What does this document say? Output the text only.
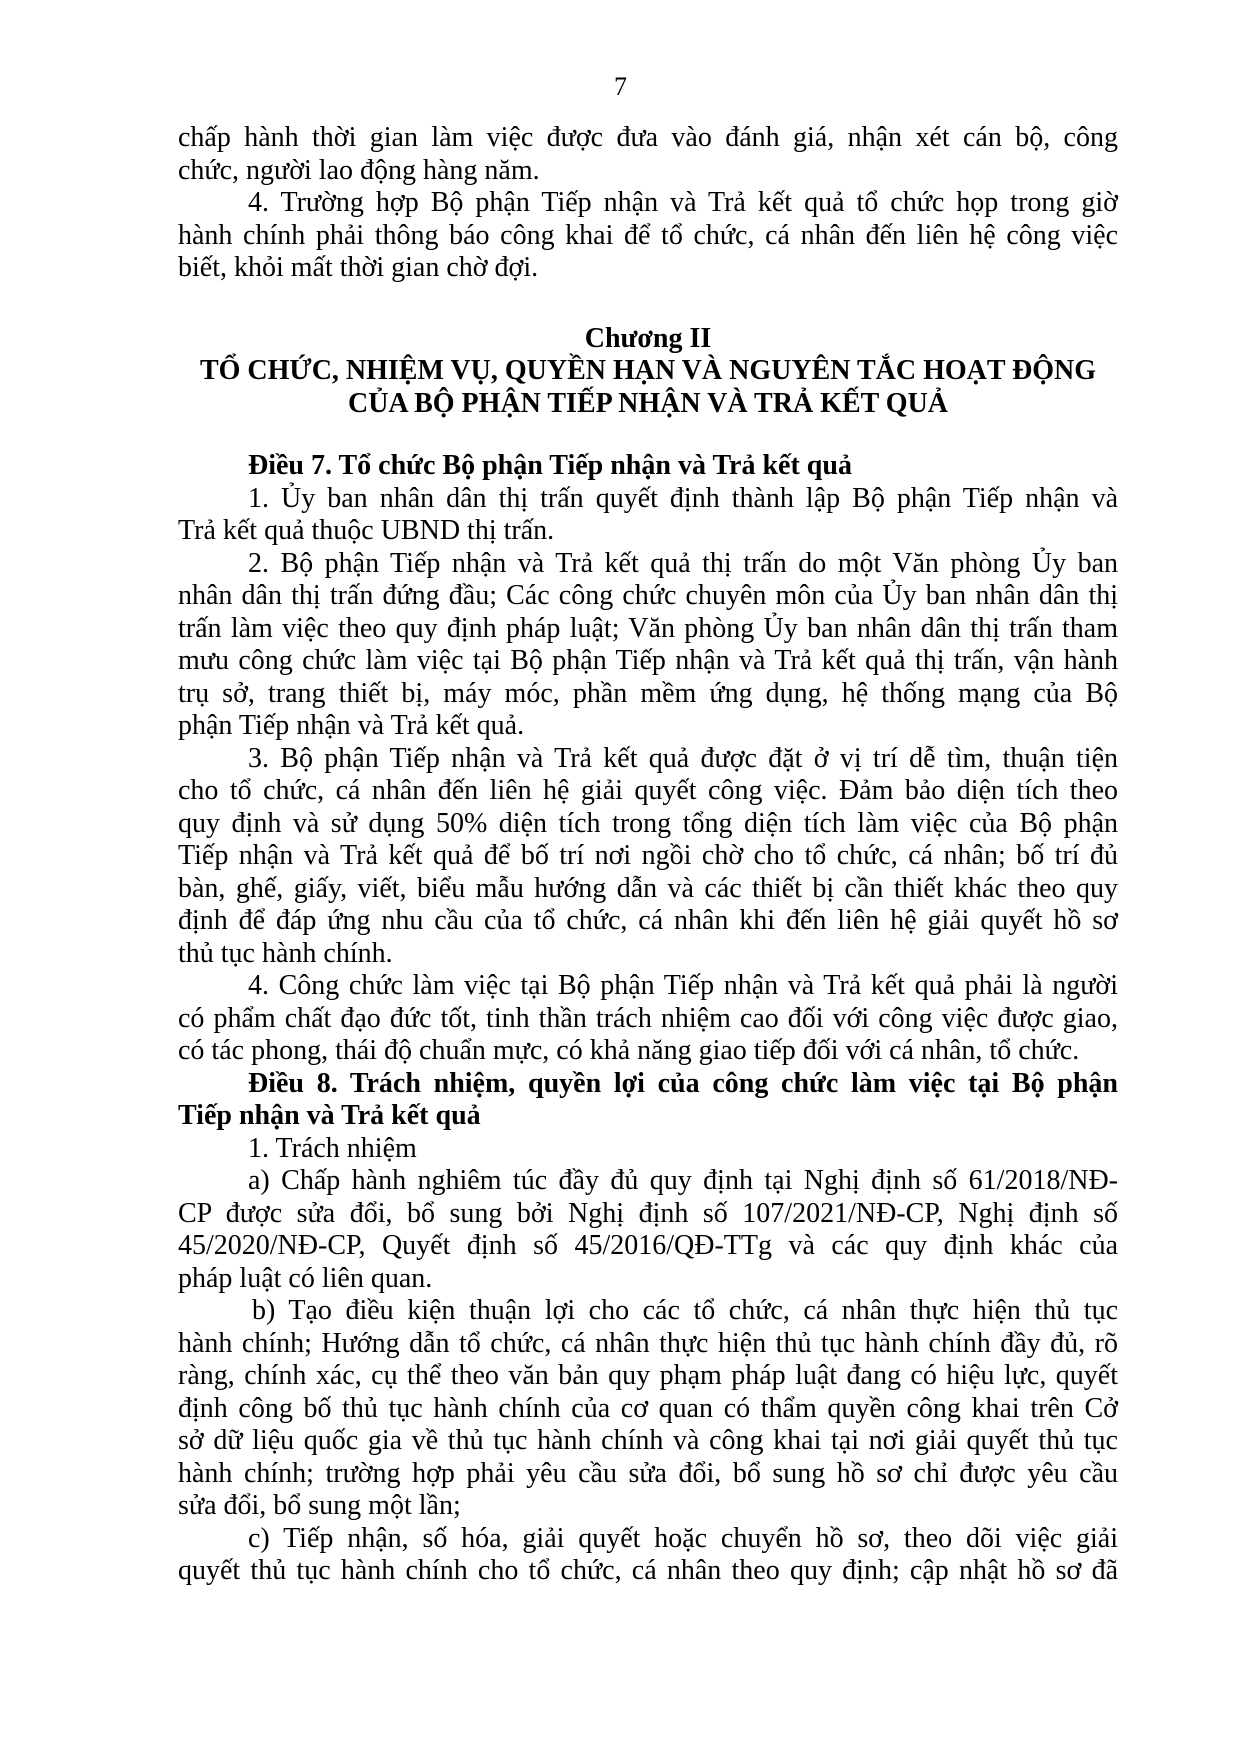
7

chấp hành thời gian làm việc được đưa vào đánh giá, nhận xét cán bộ, công
chức, người lao động hàng năm.

4. Trường hợp Bộ phận Tiếp nhận và Trả kết quả tổ chức họp trong giờ
hành chính phải thông báo công khai để tổ chức, cá nhân đến liên hệ công việc
biết, khỏi mất thời gian chờ đợi.

Chương II
TỔ CHỨC, NHIỆM VỤ, QUYỀN HẠN VÀ NGUYÊN TẮC HOẠT ĐỘNG
CỦA BỘ PHẬN TIẾP NHẬN VÀ TRẢ KẾT QUẢ

Điều 7. Tổ chức Bộ phận Tiếp nhận và Trả kết quả

1. Ủy ban nhân dân thị trấn quyết định thành lập Bộ phận Tiếp nhận và
Trả kết quả thuộc UBND thị trấn.

2. Bộ phận Tiếp nhận và Trả kết quả thị trấn do một Văn phòng Ủy ban
nhân dân thị trấn đứng đầu; Các công chức chuyên môn của Ủy ban nhân dân thị
trấn làm việc theo quy định pháp luật; Văn phòng Ủy ban nhân dân thị trấn tham
mưu công chức làm việc tại Bộ phận Tiếp nhận và Trả kết quả thị trấn, vận hành
trụ sở, trang thiết bị, máy móc, phần mềm ứng dụng, hệ thống mạng của Bộ
phận Tiếp nhận và Trả kết quả.

3. Bộ phận Tiếp nhận và Trả kết quả được đặt ở vị trí dễ tìm, thuận tiện
cho tổ chức, cá nhân đến liên hệ giải quyết công việc. Đảm bảo diện tích theo
quy định và sử dụng 50% diện tích trong tổng diện tích làm việc của Bộ phận
Tiếp nhận và Trả kết quả để bố trí nơi ngồi chờ cho tổ chức, cá nhân; bố trí đủ
bàn, ghế, giấy, viết, biểu mẫu hướng dẫn và các thiết bị cần thiết khác theo quy
định để đáp ứng nhu cầu của tổ chức, cá nhân khi đến liên hệ giải quyết hồ sơ
thủ tục hành chính.

4. Công chức làm việc tại Bộ phận Tiếp nhận và Trả kết quả phải là người
có phẩm chất đạo đức tốt, tinh thần trách nhiệm cao đối với công việc được giao,
có tác phong, thái độ chuẩn mực, có khả năng giao tiếp đối với cá nhân, tổ chức.

Điều 8. Trách nhiệm, quyền lợi của công chức làm việc tại Bộ phận
Tiếp nhận và Trả kết quả

1. Trách nhiệm

a) Chấp hành nghiêm túc đầy đủ quy định tại Nghị định số 61/2018/NĐ-
CP được sửa đổi, bổ sung bởi Nghị định số 107/2021/NĐ-CP, Nghị định số
45/2020/NĐ-CP, Quyết định số 45/2016/QĐ-TTg và các quy định khác của
pháp luật có liên quan.

b) Tạo điều kiện thuận lợi cho các tổ chức, cá nhân thực hiện thủ tục
hành chính; Hướng dẫn tổ chức, cá nhân thực hiện thủ tục hành chính đầy đủ, rõ
ràng, chính xác, cụ thể theo văn bản quy phạm pháp luật đang có hiệu lực, quyết
định công bố thủ tục hành chính của cơ quan có thẩm quyền công khai trên Cở
sở dữ liệu quốc gia về thủ tục hành chính và công khai tại nơi giải quyết thủ tục
hành chính; trường hợp phải yêu cầu sửa đổi, bổ sung hồ sơ chỉ được yêu cầu
sửa đổi, bổ sung một lần;

c) Tiếp nhận, số hóa, giải quyết hoặc chuyển hồ sơ, theo dõi việc giải
quyết thủ tục hành chính cho tổ chức, cá nhân theo quy định; cập nhật hồ sơ đã
